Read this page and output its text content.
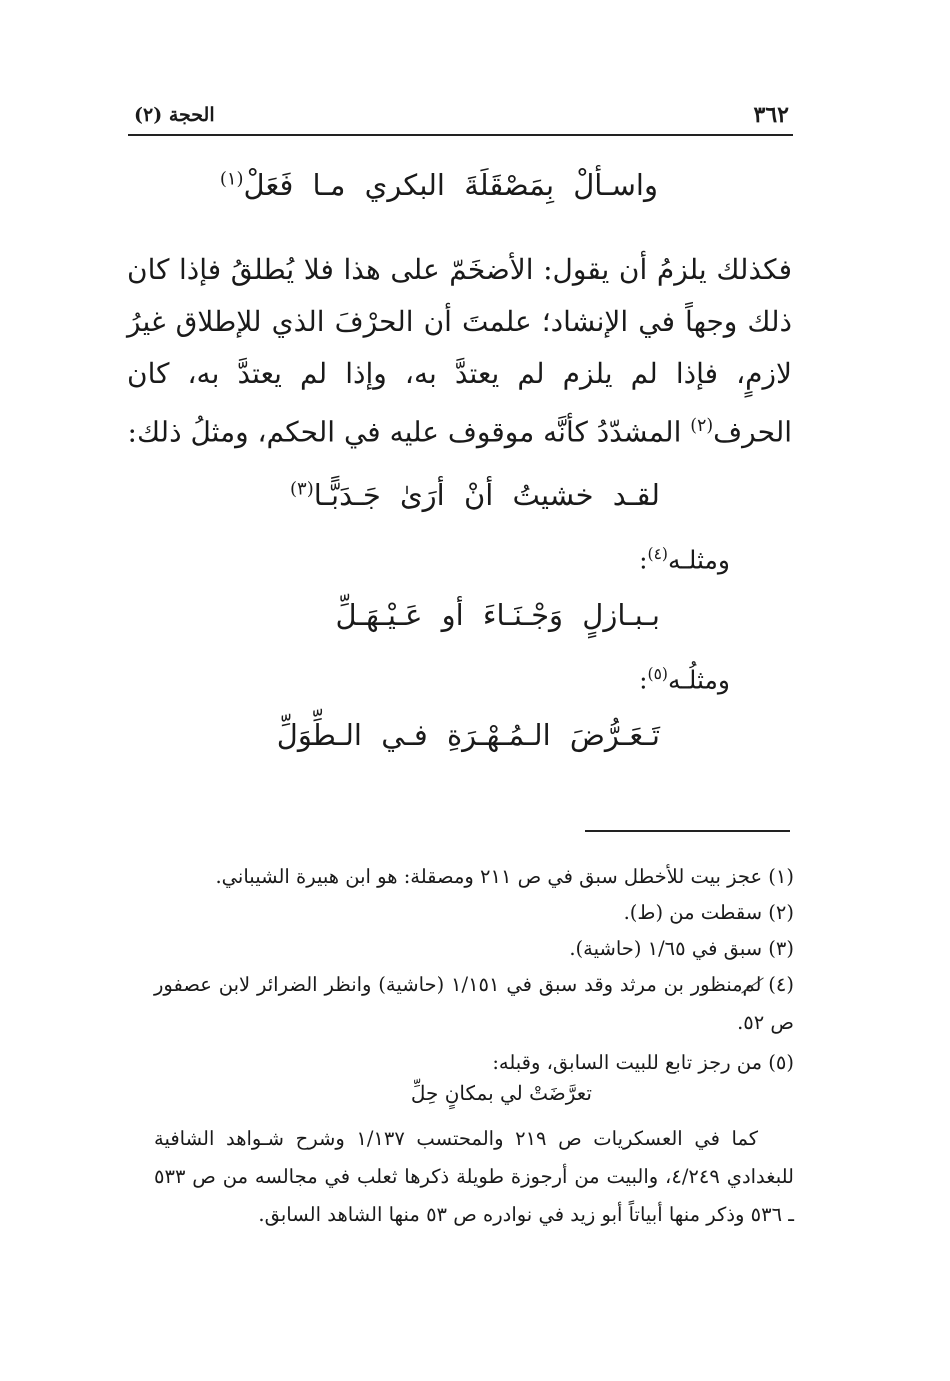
٣٦٢
الحجة (٢)
واسـألْ بِمَصْقَلَةَ البكري مـا فَعَلْ$^{(١)}$
فكذلك يلزمُ أن يقول: الأضخَمّ على هذا فلا يُطلقُ فإذا كان ذلك وجهاً في الإنشاد؛ علمتَ أن الحرْفَ الذي للإطلاق غيرُ لازمٍ، فإذا لم يلزم لم يعتدَّ به، وإذا لم يعتدَّ به، كان الحرف$^{(٢)}$ المشدّدُ كأنَّه موقوف عليه في الحكم، ومثلُ ذلك:
لقـد خشيتُ أنْ أرَىٰ جَـدَبًّـا$^{(٣)}$
ومثلـه$^{(٤)}$:
بـبـازلٍ وَجْـنَـاءَ أو عَـيْـهَـلِّ
ومثلُـه$^{(٥)}$:
تَـعَـرُّضَ الـمُـهْـرَةِ فـي الـطِّوَلِّ
(١) عجز بيت للأخطل سبق في ص ٢١١ ومصقلة: هو ابن هبيرة الشيباني.
(٢) سقطت من (ط).
(٣) سبق في ١/٦٥ (حاشية).
(٤) لممنظور بن مرثد وقد سبق في ١/١٥١ (حاشية) وانظر الضرائر لابن عصفور ص ٥٢.
(٥) من رجز تابع للبيت السابق، وقبله:
تعرَّضَتْ لي بمكانٍ حِلِّ
كما في العسكريات ص ٢١٩ والمحتسب ١/١٣٧ وشرح شـواهد الشافية للبغدادي ٤/٢٤٩، والبيت من أرجوزة طويلة ذكرها ثعلب في مجالسه من ص ٥٣٣ ـ ٥٣٦ وذكر منها أبياتاً أبو زيد في نوادره ص ٥٣ منها الشاهد السابق.
